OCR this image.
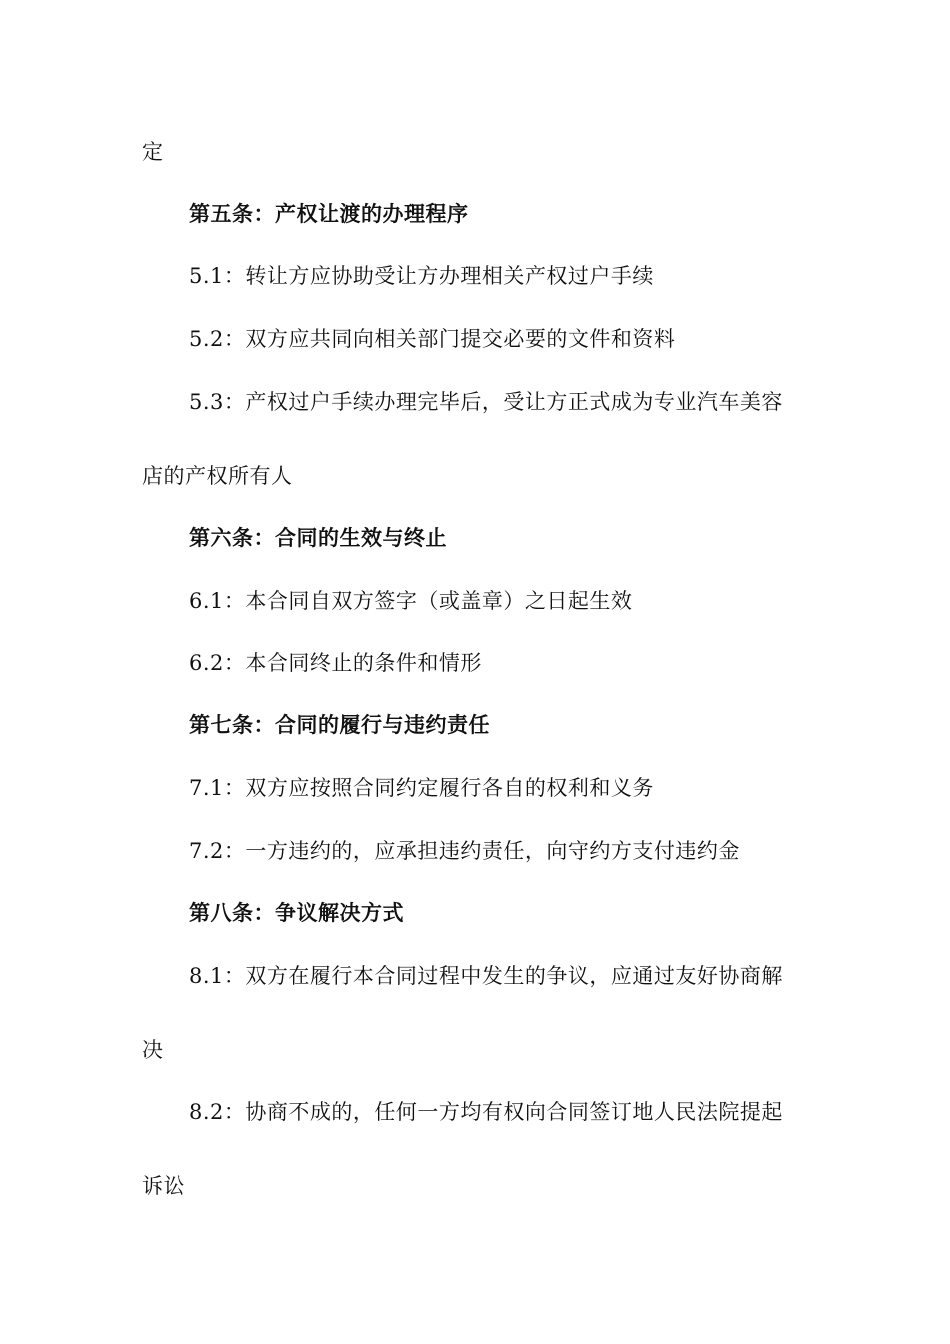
定
第五条：产权让渡的办理程序
5.1：转让方应协助受让方办理相关产权过户手续
5.2：双方应共同向相关部门提交必要的文件和资料
5.3：产权过户手续办理完毕后，受让方正式成为专业汽车美容
店的产权所有人
第六条：合同的生效与终止
6.1：本合同自双方签字（或盖章）之日起生效
6.2：本合同终止的条件和情形
第七条：合同的履行与违约责任
7.1：双方应按照合同约定履行各自的权利和义务
7.2：一方违约的，应承担违约责任，向守约方支付违约金
第八条：争议解决方式
8.1：双方在履行本合同过程中发生的争议，应通过友好协商解
决
8.2：协商不成的，任何一方均有权向合同签订地人民法院提起
诉讼
